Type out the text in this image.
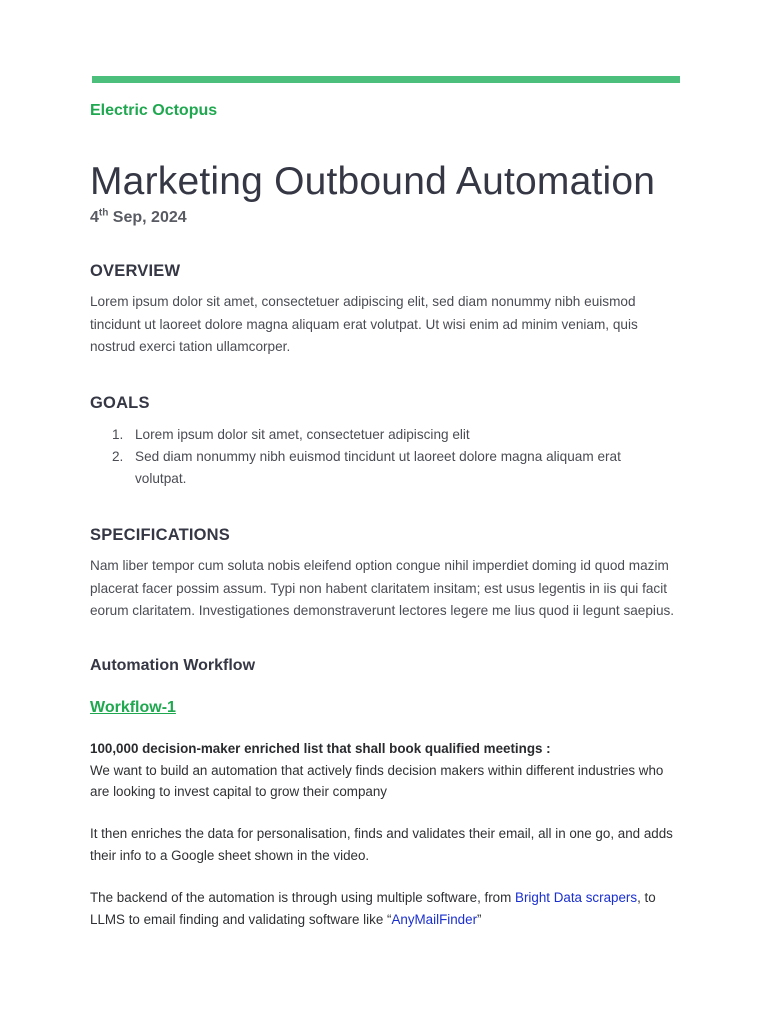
Electric Octopus
Marketing Outbound Automation
4th Sep, 2024
OVERVIEW

Lorem ipsum dolor sit amet, consectetuer adipiscing elit, sed diam nonummy nibh euismod tincidunt ut laoreet dolore magna aliquam erat volutpat. Ut wisi enim ad minim veniam, quis nostrud exerci tation ullamcorper.

GOALS
1. Lorem ipsum dolor sit amet, consectetuer adipiscing elit
2. Sed diam nonummy nibh euismod tincidunt ut laoreet dolore magna aliquam erat volutpat.
SPECIFICATIONS

Nam liber tempor cum soluta nobis eleifend option congue nihil imperdiet doming id quod mazim placerat facer possim assum. Typi non habent claritatem insitam; est usus legentis in iis qui facit eorum claritatem. Investigationes demonstraverunt lectores legere me lius quod ii legunt saepius.

Automation Workflow
Workflow-1
100,000 decision-maker enriched list that shall book qualified meetings :
We want to build an automation that actively finds decision makers within different industries who are looking to invest capital to grow their company

It then enriches the data for personalisation, finds and validates their email, all in one go, and adds their info to a Google sheet shown in the video.

The backend of the automation is through using multiple software, from Bright Data scrapers, to LLMS to email finding and validating software like “AnyMailFinder”
